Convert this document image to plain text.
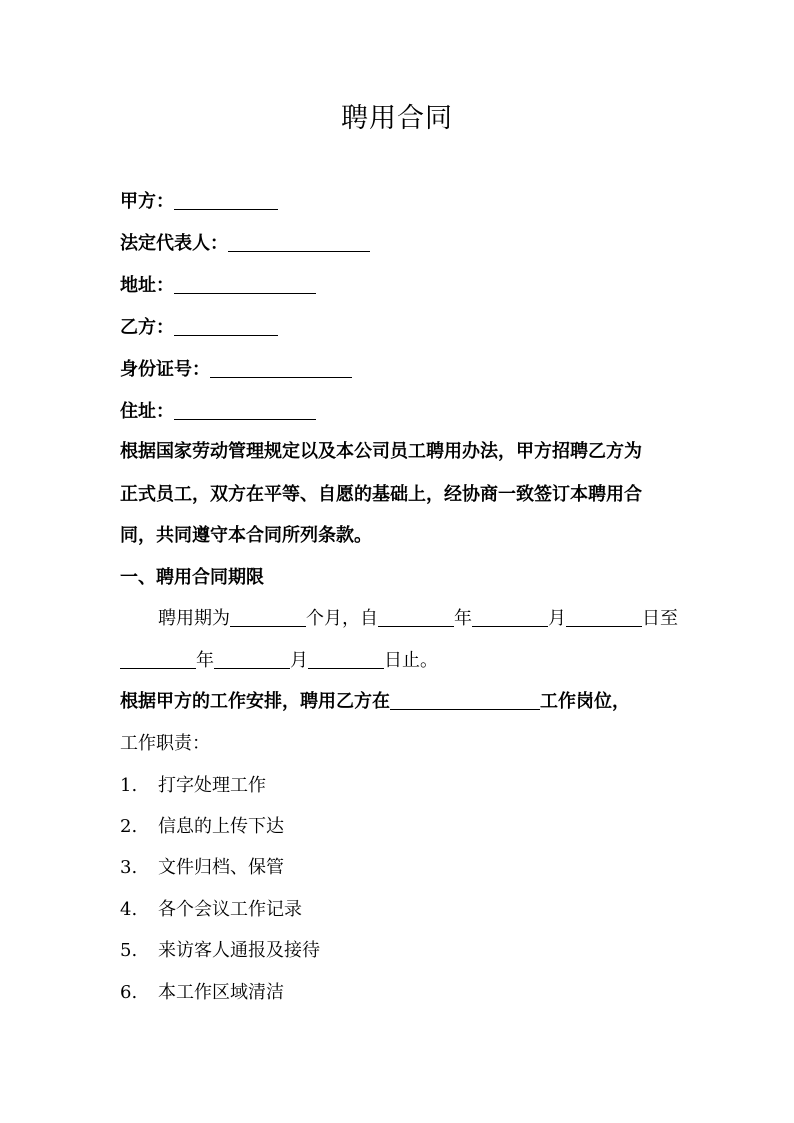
聘用合同
甲方：
法定代表人：
地址：
乙方：
身份证号：
住址：
根据国家劳动管理规定以及本公司员工聘用办法，甲方招聘乙方为
正式员工，双方在平等、自愿的基础上，经协商一致签订本聘用合
同，共同遵守本合同所列条款。
一、聘用合同期限
聘用期为	个月，自	年	月	日至
年	月	日止。
根据甲方的工作安排，聘用乙方在	工作岗位，
工作职责：
1. 打字处理工作
2. 信息的上传下达
3. 文件归档、保管
4. 各个会议工作记录
5. 来访客人通报及接待
6. 本工作区域清洁
